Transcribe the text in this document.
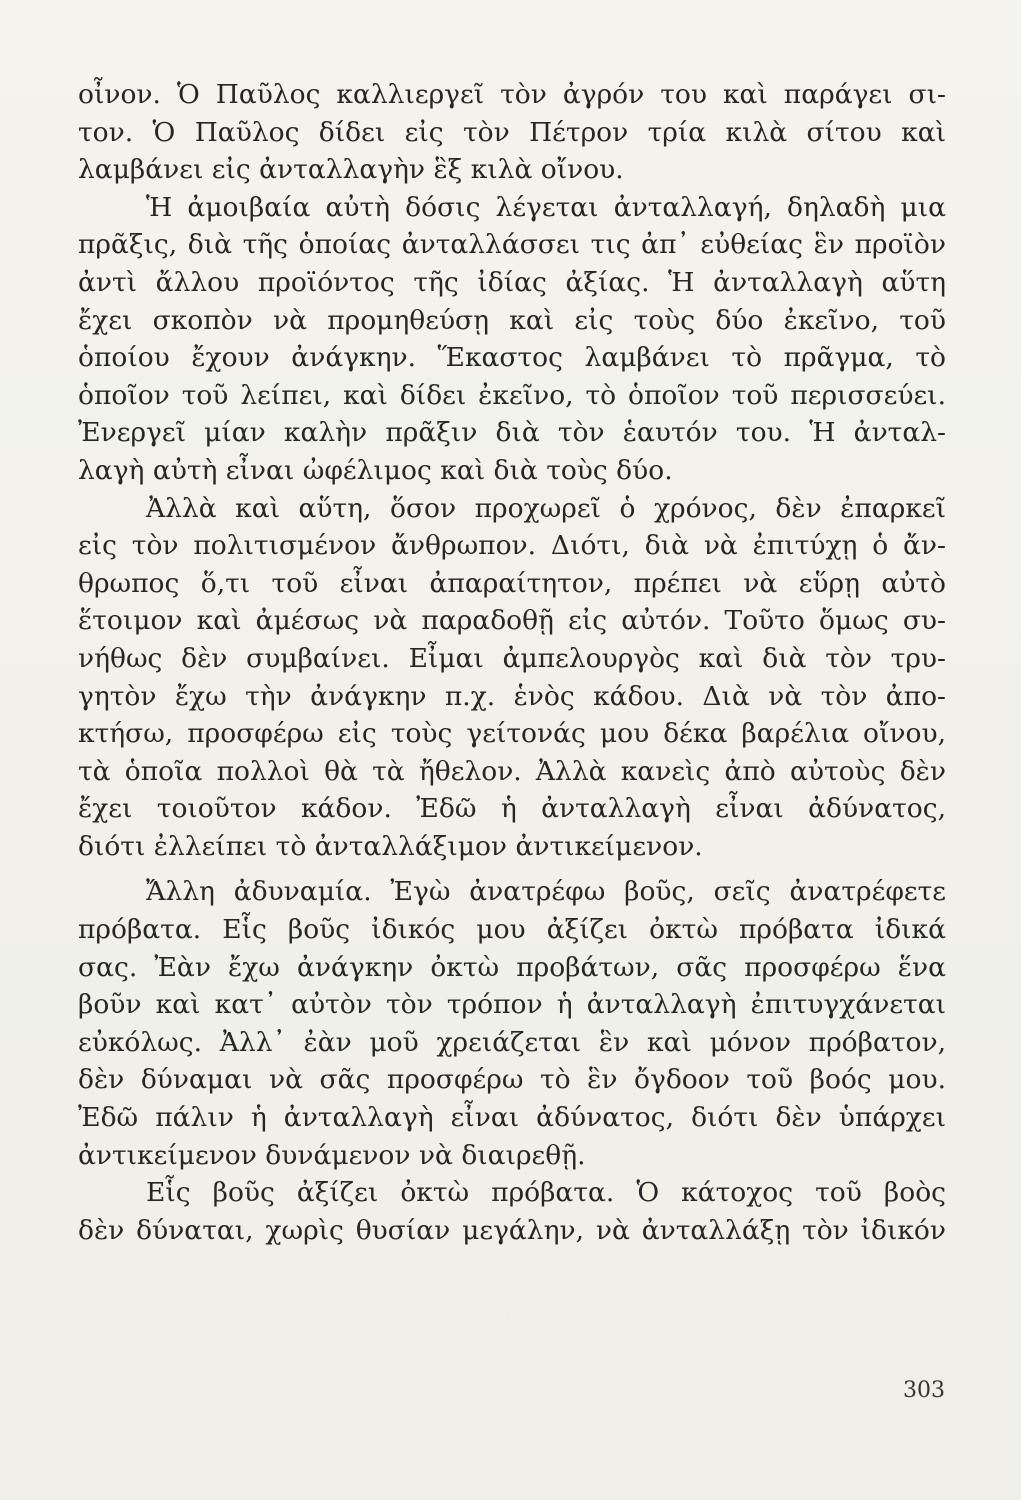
οἶνον. Ὁ Παῦλος καλλιεργεῖ τὸν ἀγρόν του καὶ παράγει σι-
τον. Ὁ Παῦλος δίδει εἰς τὸν Πέτρον τρία κιλὰ σίτου καὶ
λαμβάνει εἰς ἀνταλλαγὴν ἓξ κιλὰ οἴνου.
Ἡ ἀμοιβαία αὐτὴ δόσις λέγεται ἀνταλλαγή, δηλαδὴ μια
πρᾶξις, διὰ τῆς ὁποίας ἀνταλλάσσει τις ἀπ᾽ εὐθείας ἓν προϊὸν
ἀντὶ ἄλλου προϊόντος τῆς ἰδίας ἀξίας. Ἡ ἀνταλλαγὴ αὕτη
ἔχει σκοπὸν νὰ προμηθεύσῃ καὶ εἰς τοὺς δύο ἐκεῖνο, τοῦ
ὁποίου ἔχουν ἀνάγκην. Ἕκαστος λαμβάνει τὸ πρᾶγμα, τὸ
ὁποῖον τοῦ λείπει, καὶ δίδει ἐκεῖνο, τὸ ὁποῖον τοῦ περισσεύει.
Ἐνεργεῖ μίαν καλὴν πρᾶξιν διὰ τὸν ἑαυτόν του. Ἡ ἀνταλ-
λαγὴ αὐτὴ εἶναι ὠφέλιμος καὶ διὰ τοὺς δύο.
Ἀλλὰ καὶ αὕτη, ὅσον προχωρεῖ ὁ χρόνος, δὲν ἐπαρκεῖ
εἰς τὸν πολιτισμένον ἄνθρωπον. Διότι, διὰ νὰ ἐπιτύχῃ ὁ ἄν-
θρωπος ὅ,τι τοῦ εἶναι ἀπαραίτητον, πρέπει νὰ εὕρῃ αὐτὸ
ἕτοιμον καὶ ἀμέσως νὰ παραδοθῇ εἰς αὐτόν. Τοῦτο ὅμως συ-
νήθως δὲν συμβαίνει. Εἶμαι ἀμπελουργὸς καὶ διὰ τὸν τρυ-
γητὸν ἔχω τὴν ἀνάγκην π.χ. ἑνὸς κάδου. Διὰ νὰ τὸν ἀπο-
κτήσω, προσφέρω εἰς τοὺς γείτονάς μου δέκα βαρέλια οἴνου,
τὰ ὁποῖα πολλοὶ θὰ τὰ ἤθελον. Ἀλλὰ κανεὶς ἀπὸ αὐτοὺς δὲν
ἔχει τοιοῦτον κάδον. Ἐδῶ ἡ ἀνταλλαγὴ εἶναι ἀδύνατος,
διότι ἐλλείπει τὸ ἀνταλλάξιμον ἀντικείμενον.
Ἄλλη ἀδυναμία. Ἐγὼ ἀνατρέφω βοῦς, σεῖς ἀνατρέφετε
πρόβατα. Εἷς βοῦς ἰδικός μου ἀξίζει ὀκτὼ πρόβατα ἰδικά
σας. Ἐὰν ἔχω ἀνάγκην ὀκτὼ προβάτων, σᾶς προσφέρω ἕνα
βοῦν καὶ κατ᾽ αὐτὸν τὸν τρόπον ἡ ἀνταλλαγὴ ἐπιτυγχάνεται
εὐκόλως. Ἀλλ᾽ ἐὰν μοῦ χρειάζεται ἓν καὶ μόνον πρόβατον,
δὲν δύναμαι νὰ σᾶς προσφέρω τὸ ἓν ὄγδοον τοῦ βοός μου.
Ἐδῶ πάλιν ἡ ἀνταλλαγὴ εἶναι ἀδύνατος, διότι δὲν ὑπάρχει
ἀντικείμενον δυνάμενον νὰ διαιρεθῇ.
Εἷς βοῦς ἀξίζει ὀκτὼ πρόβατα. Ὁ κάτοχος τοῦ βοὸς
δὲν δύναται, χωρὶς θυσίαν μεγάλην, νὰ ἀνταλλάξῃ τὸν ἰδικόν
303
